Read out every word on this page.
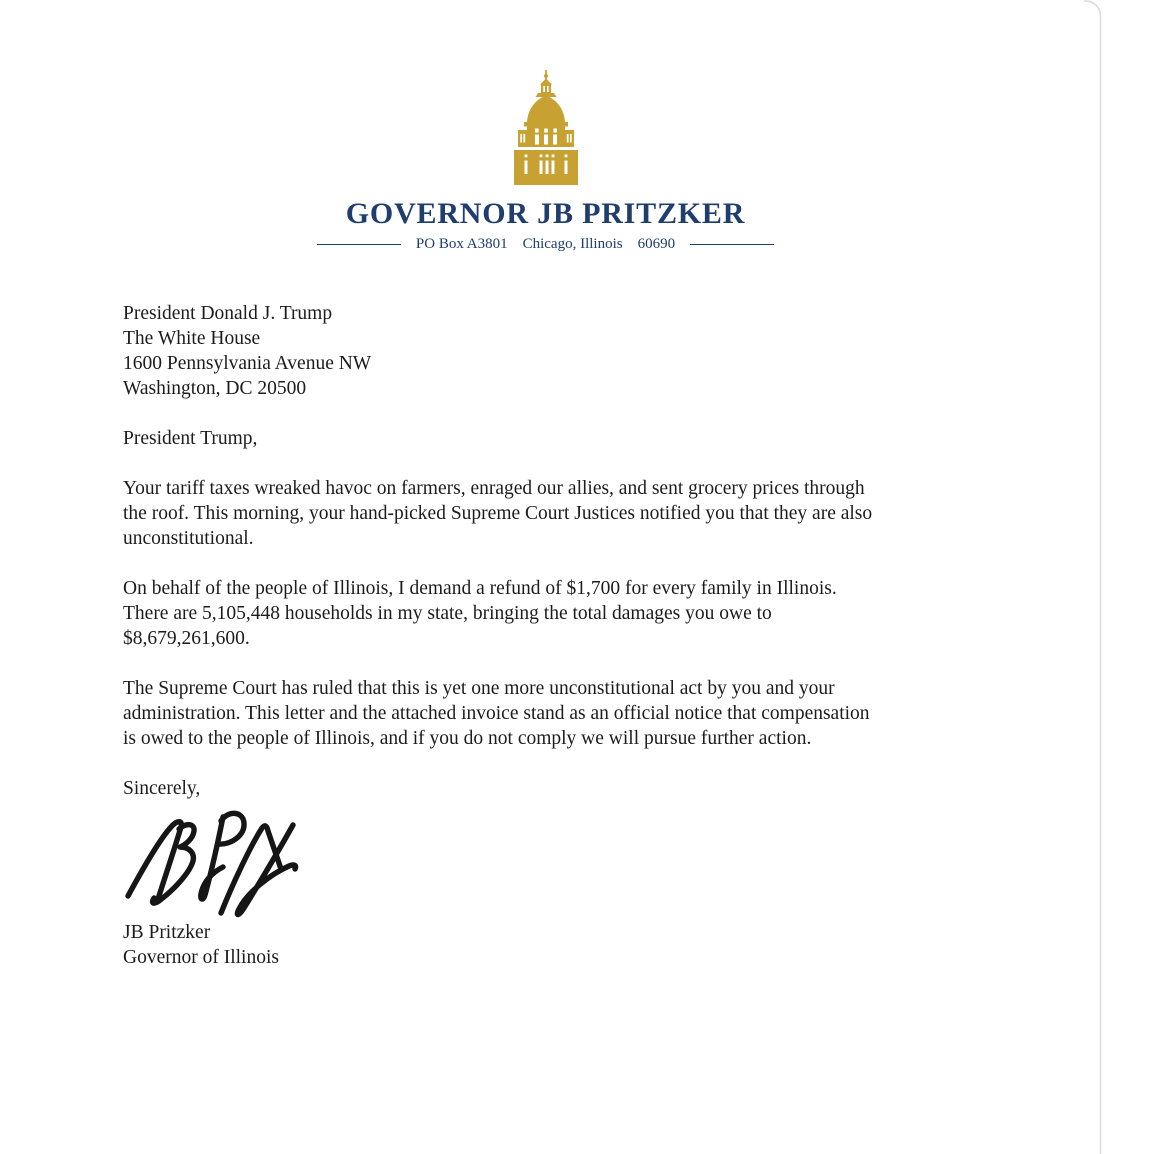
GOVERNOR JB PRITZKER
PO Box A3801 Chicago, Illinois 60690
President Donald J. Trump
The White House
1600 Pennsylvania Avenue NW
Washington, DC 20500
President Trump,
Your tariff taxes wreaked havoc on farmers, enraged our allies, and sent grocery prices through
the roof. This morning, your hand-picked Supreme Court Justices notified you that they are also
unconstitutional.
On behalf of the people of Illinois, I demand a refund of $1,700 for every family in Illinois.
There are 5,105,448 households in my state, bringing the total damages you owe to
$8,679,261,600.
The Supreme Court has ruled that this is yet one more unconstitutional act by you and your
administration. This letter and the attached invoice stand as an official notice that compensation
is owed to the people of Illinois, and if you do not comply we will pursue further action.
Sincerely,
JB Pritzker
Governor of Illinois
